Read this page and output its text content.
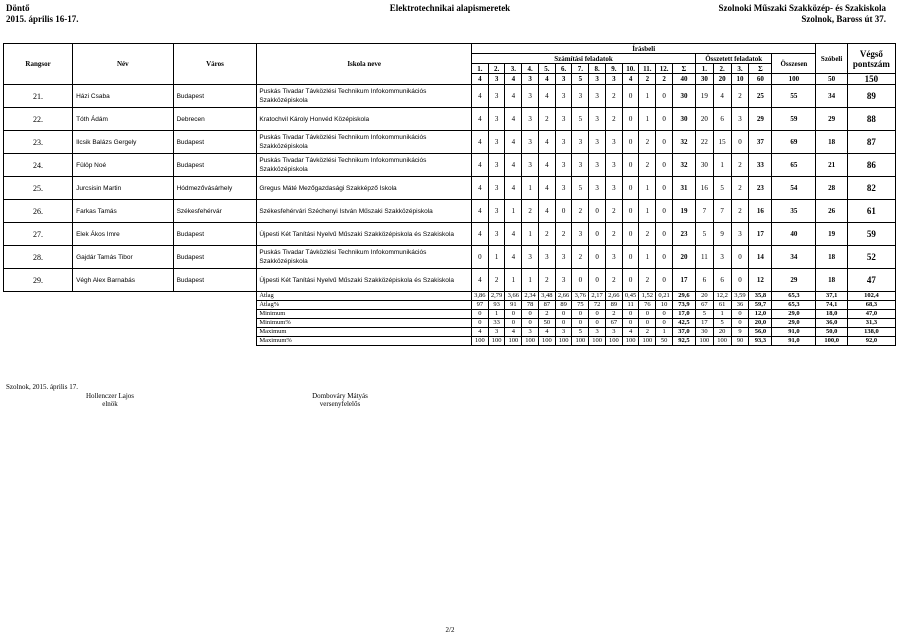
Döntő
2015. április 16-17.
Elektrotechnikai alapismeretek	Szolnoki Műszaki Szakközép- és Szakiskola
Szolnok, Baross út 37.
Rangsor	Név	Város	Iskola neve	Írásbeli																		Szóbeli	Végső pontszám
				Számítási feladatok													Összetett feladatok				Összesen		
				1.	2.	3.	4.	5.	6.	7.	8.	9.	10.	11.	12.	Σ	1.	2.	3.	Σ			
				4	3	4	3	4	3	5	3	3	4	2	2	40	30	20	10	60	100	50	150
21.	Házi Csaba	Budapest	Puskás Tivadar Távközlési Technikum Infokommunikációs Szakközépiskola	4	3	4	3	4	3	3	3	2	0	1	0	30	19	4	2	25	55	34	89
22.	Tóth Ádám	Debrecen	Kratochvil Károly Honvéd Középiskola	4	3	4	3	2	3	5	3	2	0	1	0	30	20	6	3	29	59	29	88
23.	Ilcsik Balázs Gergely	Budapest	Puskás Tivadar Távközlési Technikum Infokommunikációs Szakközépiskola	4	3	4	3	4	3	3	3	3	0	2	0	32	22	15	0	37	69	18	87
24.	Fülöp Noé	Budapest	Puskás Tivadar Távközlési Technikum Infokommunikációs Szakközépiskola	4	3	4	3	4	3	3	3	3	0	2	0	32	30	1	2	33	65	21	86
25.	Jurcsisin Martin	Hódmezővásárhely	Gregus Máté Mezőgazdasági Szakképző Iskola	4	3	4	1	4	3	5	3	3	0	1	0	31	16	5	2	23	54	28	82
26.	Farkas Tamás	Székesfehérvár	Székesfehérvári Széchenyi István Műszaki Szakközépiskola	4	3	1	2	4	0	2	0	2	0	1	0	19	7	7	2	16	35	26	61
27.	Elek Ákos Imre	Budapest	Újpesti Két Tanítási Nyelvű Műszaki Szakközépiskola és Szakiskola	4	3	4	1	2	2	3	0	2	0	2	0	23	5	9	3	17	40	19	59
28.	Gajdár Tamás Tibor	Budapest	Puskás Tivadar Távközlési Technikum Infokommunikációs Szakközépiskola	0	1	4	3	3	3	2	0	3	0	1	0	20	11	3	0	14	34	18	52
29.	Végh Alex Barnabás	Budapest	Újpesti Két Tanítási Nyelvű Műszaki Szakközépiskola és Szakiskola	4	2	1	1	2	3	0	0	2	0	2	0	17	6	6	0	12	29	18	47
			Átlag	3,86	2,79	3,66	2,34	3,48	2,66	3,76	2,17	2,66	0,45	1,52	0,21	29,6	20	12,2	3,59	35,8	65,3	37,1	102,4
			Átlag%	97	93	91	78	87	89	75	72	89	11	76	10	73,9	67	61	36	59,7	65,3	74,1	68,3
			Minimum	0	1	0	0	2	0	0	0	2	0	0	0	17,0	5	1	0	12,0	29,0	18,0	47,0
			Minimum%	0	33	0	0	50	0	0	0	67	0	0	0	42,5	17	5	0	20,0	29,0	36,0	31,3
			Maximum	4	3	4	3	4	3	5	3	3	4	2	1	37,0	30	20	9	56,0	91,0	50,0	138,0
			Maximum%	100	100	100	100	100	100	100	100	100	100	100	50	92,5	100	100	90	93,3	91,0	100,0	92,0
Szolnok, 2015. április 17.
Hollenczer Lajos
elnök
Dombováry Mátyás
versenyfelelős
2/2
